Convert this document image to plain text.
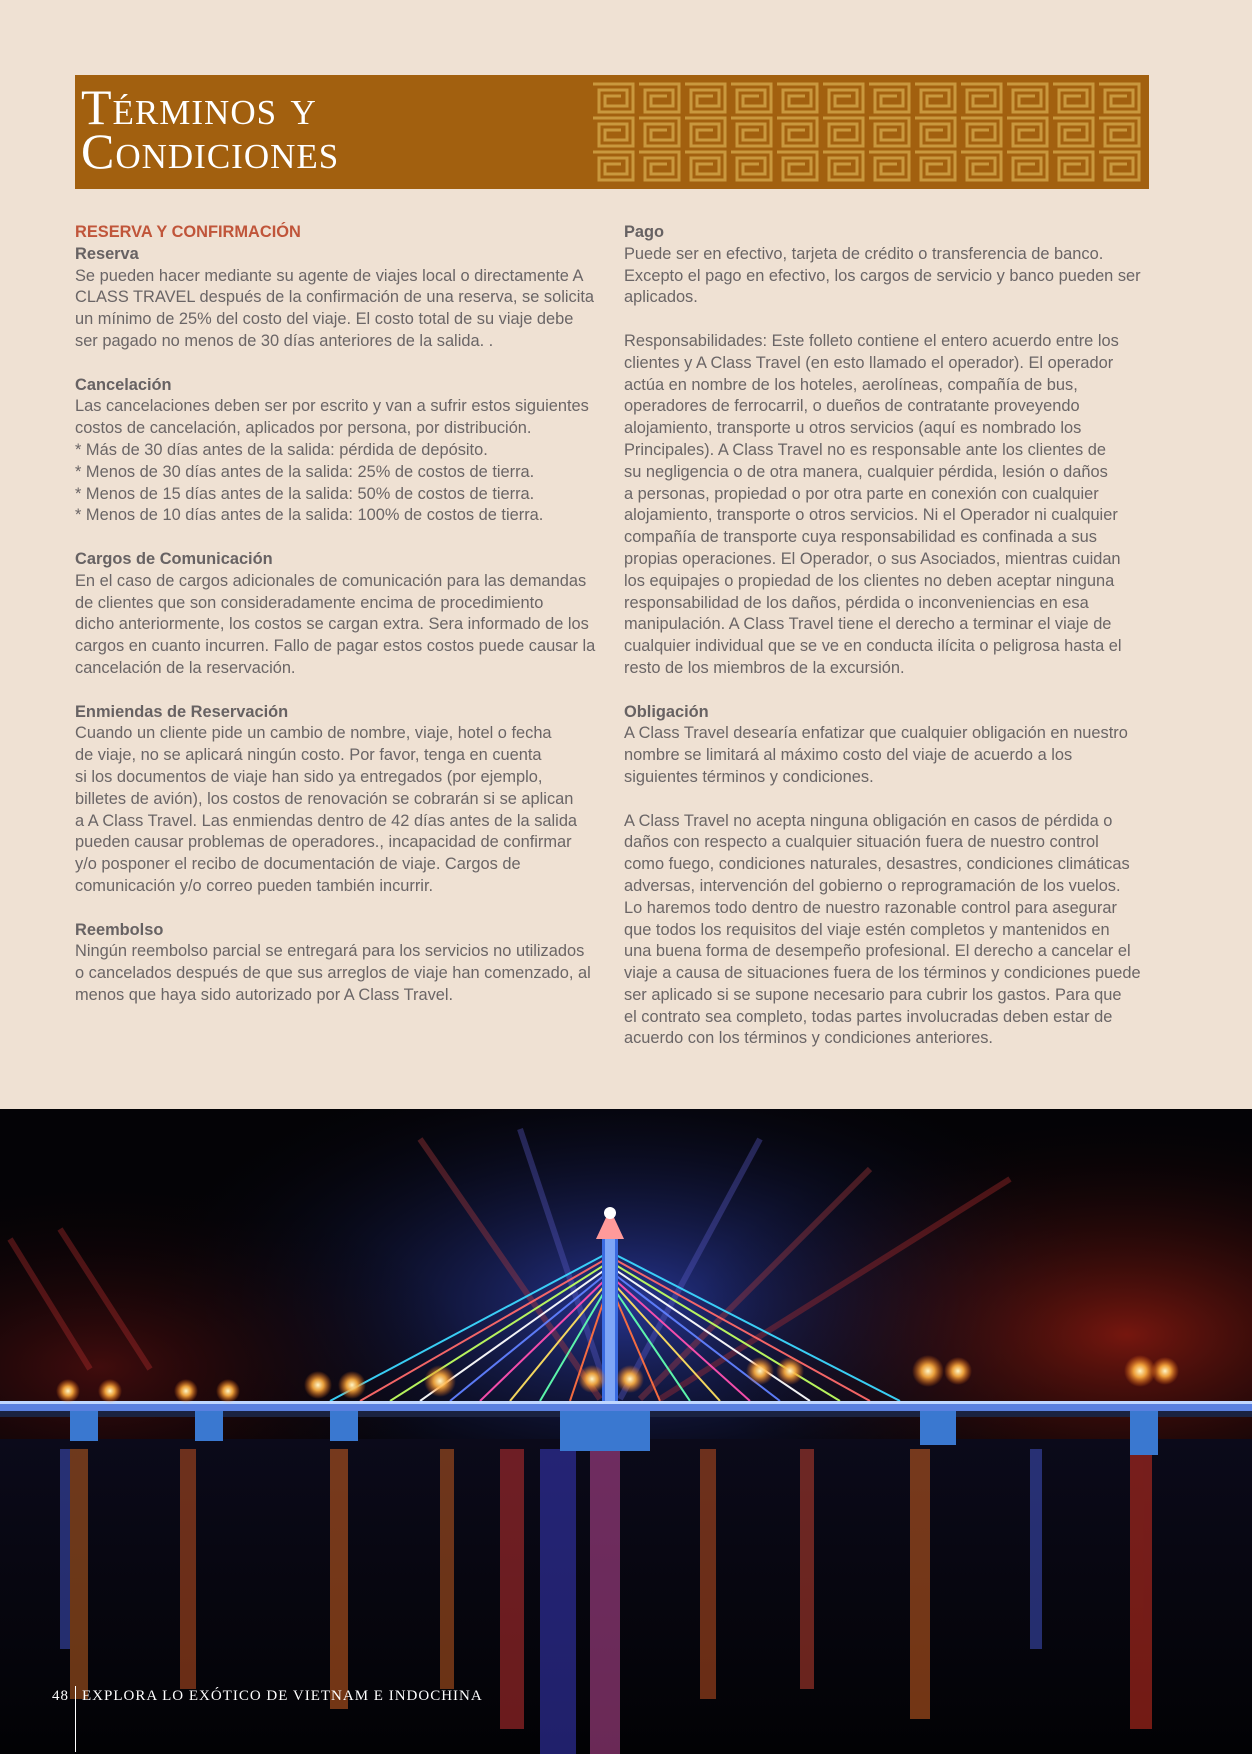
Términos y
Condiciones
RESERVA Y CONFIRMACIÓN
Reserva
Se pueden hacer mediante su agente de viajes local o directamente A
CLASS TRAVEL después de la confirmación de una reserva, se solicita
un mínimo de 25% del costo del viaje. El costo total de su viaje debe
ser pagado no menos de 30 días anteriores de la salida. .
Cancelación
Las cancelaciones deben ser por escrito y van a sufrir estos siguientes
costos de cancelación, aplicados por persona, por distribución.
* Más de 30 días antes de la salida: pérdida de depósito.
* Menos de 30 días antes de la salida: 25% de costos de tierra.
* Menos de 15 días antes de la salida: 50% de costos de tierra.
* Menos de 10 días antes de la salida: 100% de costos de tierra.
Cargos de Comunicación
En el caso de cargos adicionales de comunicación para las demandas
de clientes que son consideradamente encima de procedimiento
dicho anteriormente, los costos se cargan extra. Sera informado de los
cargos en cuanto incurren. Fallo de pagar estos costos puede causar la
cancelación de la reservación.
Enmiendas de Reservación
Cuando un cliente pide un cambio de nombre, viaje, hotel o fecha
de viaje, no se aplicará ningún costo. Por favor, tenga en cuenta
si los documentos de viaje han sido ya entregados (por ejemplo,
billetes de avión), los costos de renovación se cobrarán si se aplican
a A Class Travel. Las enmiendas dentro de 42 días antes de la salida
pueden causar problemas de operadores., incapacidad de confirmar
y/o posponer el recibo de documentación de viaje. Cargos de
comunicación y/o correo pueden también incurrir.
Reembolso
Ningún reembolso parcial se entregará para los servicios no utilizados
o cancelados después de que sus arreglos de viaje han comenzado, al
menos que haya sido autorizado por A Class Travel.
Pago
Puede ser en efectivo, tarjeta de crédito o transferencia de banco.
Excepto el pago en efectivo, los cargos de servicio y banco pueden ser
aplicados.
Responsabilidades: Este folleto contiene el entero acuerdo entre los
clientes y A Class Travel (en esto llamado el operador). El operador
actúa en nombre de los hoteles, aerolíneas, compañía de bus,
operadores de ferrocarril, o dueños de contratante proveyendo
alojamiento, transporte u otros servicios (aquí es nombrado los
Principales). A Class Travel no es responsable ante los clientes de
su negligencia o de otra manera, cualquier pérdida, lesión o daños
a personas, propiedad o por otra parte en conexión con cualquier
alojamiento, transporte o otros servicios. Ni el Operador ni cualquier
compañía de transporte cuya responsabilidad es confinada a sus
propias operaciones. El Operador, o sus Asociados, mientras cuidan
los equipajes o propiedad de los clientes no deben aceptar ninguna
responsabilidad de los daños, pérdida o inconveniencias en esa
manipulación. A Class Travel tiene el derecho a terminar el viaje de
cualquier individual que se ve en conducta ilícita o peligrosa hasta el
resto de los miembros de la excursión.
Obligación
A Class Travel desearía enfatizar que cualquier obligación en nuestro
nombre se limitará al máximo costo del viaje de acuerdo a los
siguientes términos y condiciones.
A Class Travel no acepta ninguna obligación en casos de pérdida o
daños con respecto a cualquier situación fuera de nuestro control
como fuego, condiciones naturales, desastres, condiciones climáticas
adversas, intervención del gobierno o reprogramación de los vuelos.
Lo haremos todo dentro de nuestro razonable control para asegurar
que todos los requisitos del viaje estén completos y mantenidos en
una buena forma de desempeño profesional. El derecho a cancelar el
viaje a causa de situaciones fuera de los términos y condiciones puede
ser aplicado si se supone necesario para cubrir los gastos. Para que
el contrato sea completo, todas partes involucradas deben estar de
acuerdo con los términos y condiciones anteriores.
48 EXPLORA LO EXÓTICO DE VIETNAM E INDOCHINA
